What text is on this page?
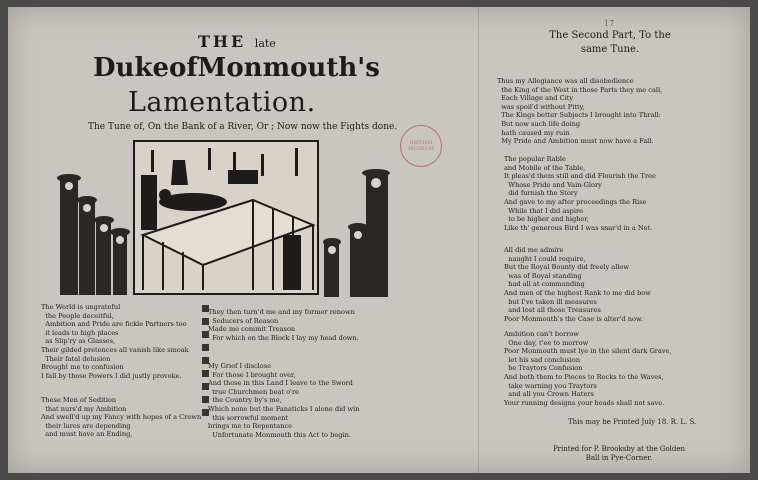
17
THE late
Duke of Monmouth's
Lamentation.
The Tune of, On the Bank of a River, Or ; Now now the Fights done.
BRITISH MUSEUM
The World is ungrateful
the People deceitful,
Ambition and Pride are fickle Partners too
it leads to high places
as Slip'ry as Glasses,
Their gilded pretences all vanish like smoak
Their fatal delusion
Brought me to confusion
I fall by those Powers I did justly provoke.
These Men of Sedition
that nurs'd my Ambition
And swell'd up my Fancy with hopes of a Crown
their lures are depending
and must have an Ending,
They then turn'd me and my former renown
Seducers of Reason
Made me commit Treason
For which on the Block I lay my head down.
My Grief I disclose
For those I brought over,
And those in this Land I leave to the Sword
true Churchmen beat o're
the Country by's me,
Which none but the Fanaticks I alone did win
this sorrowful moment
brings me to Repentance
Unfortunate Monmouth this Act to begin.
The Second Part, To the
same Tune.
Thus my Allegiance was all disobedience
the King of the West in those Parts they me call,
Each Village and City
was spoil'd without Pitty,
The Kings better Subjects I brought into Thrall:
But now such life doing
hath caused my ruin
My Pride and Ambition must now have a Fall.
The popular Rable
and Mobile of the Table,
It pleas'd them still and did Flourish the Tree
Whose Pride and Vain-Glory
did furnish the Story
And gave to my after proceedings the Rise
While that I did aspire
to be higher and higher,
Like th' generous Bird I was snar'd in a Net.
All did me admire
naught I could require,
But the Royal Bounty did freely allow
was of Royal standing
had all at commanding
And men of the highest Rank to me did bow
but I've taken ill measures
and lost all those Treasures
Poor Monmouth's the Case is alter'd now.
Ambition can't borrow
One day, t'ee to morrow
Poor Monmouth must lye in the silent dark Grave,
let his sad conclusion
be Traytors Confusion
And both them to Pieces to Rocks to the Waves,
take warning you Traytors
and all you Crown Haters
Your running designs your heads shall not save.
This may be Printed July 18. R. L. S.
Printed for P. Brooksby at the Golden
Ball in Pye-Corner.
